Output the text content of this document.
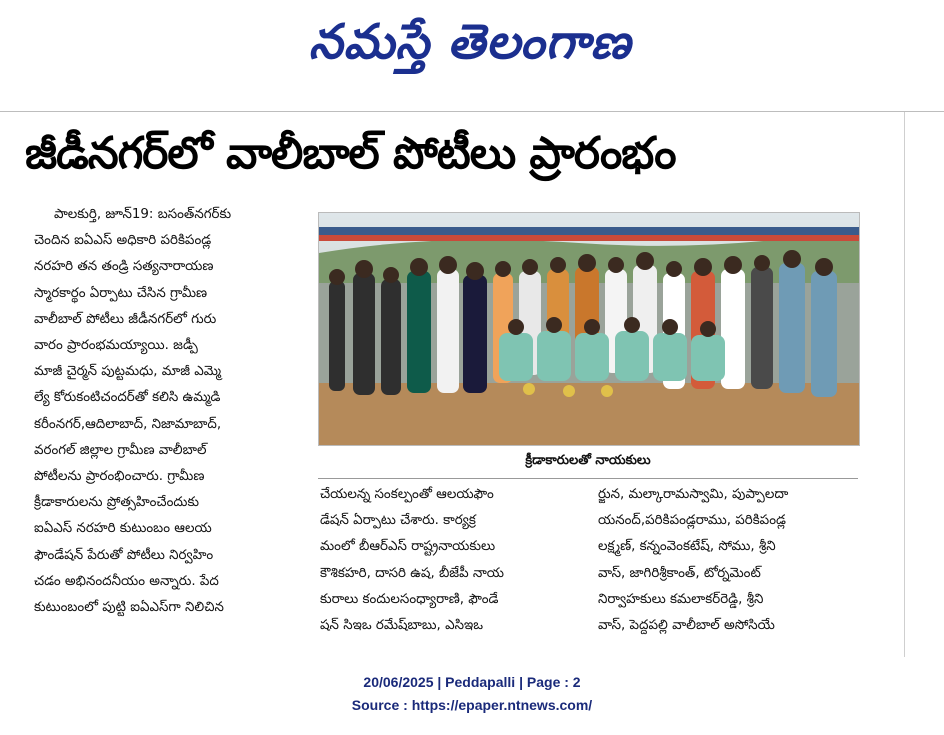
నమస్తే తెలంగాణ
జీడీనగర్‌లో వాలీబాల్ పోటీలు ప్రారంభం

పాలకుర్తి, జూన్19: బసంత్‌నగర్‌కు

చెందిన ఐఏఎస్ అధికారి పరికిపండ్ల

నరహరి తన తండ్రి సత్యనారాయణ

స్మారకార్థం ఏర్పాటు చేసిన గ్రామీణ

వాలీబాల్ పోటీలు జీడీనగర్‌లో గురు

వారం ప్రారంభమయ్యాయి. జడ్పీ

మాజీ చైర్మన్ పుట్టమధు, మాజీ ఎమ్మె

ల్యే కోరుకంటిచందర్‌తో కలిసి ఉమ్మడి

కరీంనగర్,ఆదిలాబాద్, నిజామాబాద్,

వరంగల్ జిల్లాల గ్రామీణ వాలీబాల్

పోటీలను ప్రారంభించారు. గ్రామీణ

క్రీడాకారులను ప్రోత్సహించేందుకు

ఐఏఎస్ నరహరి కుటుంబం ఆలయ

ఫౌండేషన్ పేరుతో పోటీలు నిర్వహిం

చడం అభినందనీయం అన్నారు. పేద

కుటుంబంలో పుట్టి ఐఏఎస్‌గా నిలిచిన

క్రీడాకారులతో నాయకులు

చేయలన్న సంకల్పంతో ఆలయఫౌం

డేషన్ ఏర్పాటు చేశారు. కార్యక్ర

మంలో బీఆర్ఎస్ రాష్ట్రనాయకులు

కౌశికహరి, దాసరి ఉష, బీజేపీ నాయ

కురాలు కందులసంధ్యారాణి, ఫౌండే

షన్ సిఇఒ రమేష్‌బాబు, ఎసిఇఒ

ర్జున, మల్కారామస్వామి, పుప్పాలదా

యనంద్,పరికిపండ్లరాము, పరికిపండ్ల

లక్ష్మణ్, కన్నంవెంకటేష్, సోము, శ్రీని

వాస్, జాగిరిశ్రీకాంత్, టోర్నమెంట్

నిర్వాహకులు కమలాకర్‌రెడ్డి, శ్రీని

వాస్, పెద్దపల్లి వాలీబాల్ అసోసియే

20/06/2025 | Peddapalli | Page : 2
Source : https://epaper.ntnews.com/
